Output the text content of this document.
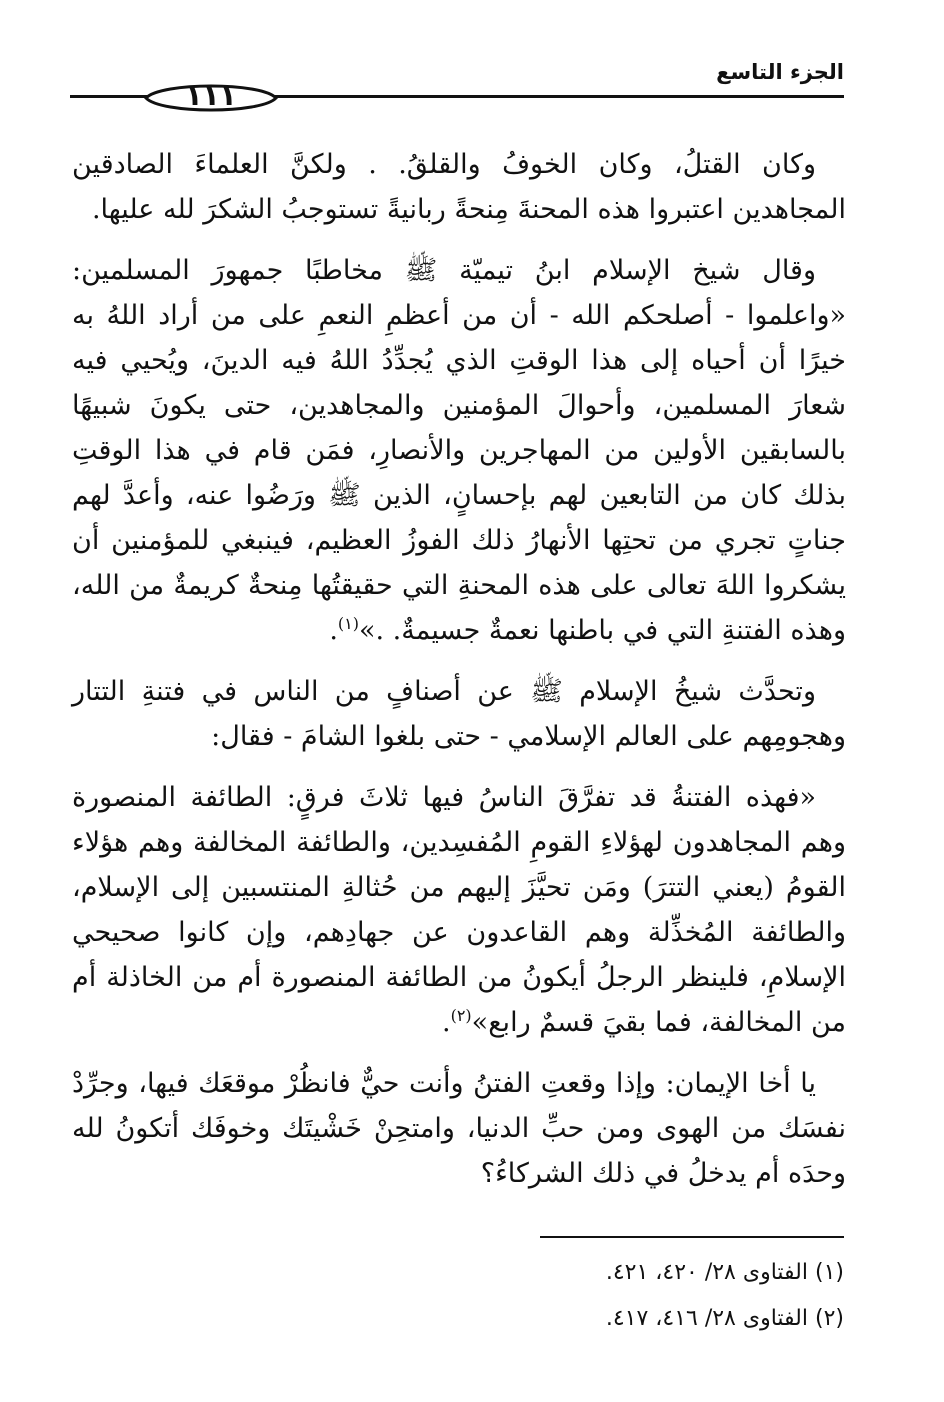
الجزء التاسع
١١١

وكان القتلُ، وكان الخوفُ والقلقُ. . ولكنَّ العلماءَ الصادقين المجاهدين اعتبروا هذه المحنةَ مِنحةً ربانيةً تستوجبُ الشكرَ لله عليها.

وقال شيخ الإسلام ابنُ تيميّة ﷺ مخاطبًا جمهورَ المسلمين: «واعلموا - أصلحكم الله - أن من أعظمِ النعمِ على من أراد اللهُ به خيرًا أن أحياه إلى هذا الوقتِ الذي يُجدِّدُ اللهُ فيه الدينَ، ويُحيي فيه شعارَ المسلمين، وأحوالَ المؤمنين والمجاهدين، حتى يكونَ شبيهًا بالسابقين الأولين من المهاجرين والأنصارِ، فمَن قام في هذا الوقتِ بذلك كان من التابعين لهم بإحسانٍ، الذين ﷺ ورَضُوا عنه، وأعدَّ لهم جناتٍ تجري من تحتِها الأنهارُ ذلك الفوزُ العظيم، فينبغي للمؤمنين أن يشكروا اللهَ تعالى على هذه المحنةِ التي حقيقتُها مِنحةٌ كريمةٌ من الله، وهذه الفتنةِ التي في باطنها نعمةٌ جسيمةٌ. .»$^{(١)}$.

وتحدَّث شيخُ الإسلام ﷺ عن أصنافٍ من الناس في فتنةِ التتار وهجومِهم على العالم الإسلامي - حتى بلغوا الشامَ - فقال:

«فهذه الفتنةُ قد تفرَّقَ الناسُ فيها ثلاثَ فرقٍ: الطائفة المنصورة وهم المجاهدون لهؤلاءِ القومِ المُفسِدين، والطائفة المخالفة وهم هؤلاء القومُ (يعني التترَ) ومَن تحيَّزَ إليهم من حُثالةِ المنتسبين إلى الإسلام، والطائفة المُخذِّلة وهم القاعدون عن جهادِهم، وإن كانوا صحيحي الإسلامِ، فلينظر الرجلُ أيكونُ من الطائفة المنصورة أم من الخاذلة أم من المخالفة، فما بقيَ قسمٌ رابع»$^{(٢)}$.

يا أخا الإيمان: وإذا وقعتِ الفتنُ وأنت حيٌّ فانظُرْ موقعَك فيها، وجرِّدْ نفسَك من الهوى ومن حبِّ الدنيا، وامتحِنْ خَشْيتَك وخوفَك أتكونُ لله وحدَه أم يدخلُ في ذلك الشركاءُ؟

(١) الفتاوى ٢٨/ ٤٢٠، ٤٢١.
(٢) الفتاوى ٢٨/ ٤١٦، ٤١٧.
